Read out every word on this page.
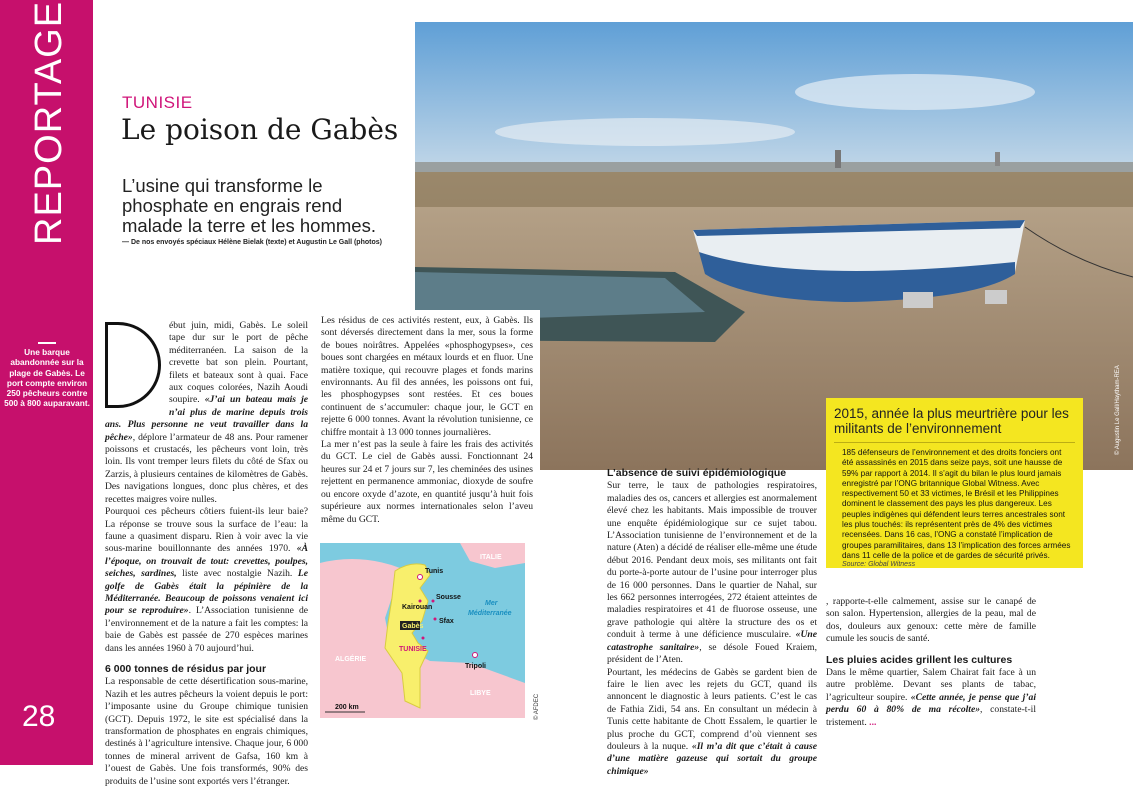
REPORTAGE
Une barque abandonnée sur la plage de Gabès. Le port compte environ 250 pêcheurs contre 500 à 800 auparavant.
28
© Augustin Le Gall/Haytham-REA
TUNISIE
Le poison de Gabès
L’usine qui transforme le phosphate en engrais rend malade la terre et les hommes.
— De nos envoyés spéciaux Hélène Bielak (texte) et Augustin Le Gall (photos)

ébut juin, midi, Gabès. Le soleil tape dur sur le port de pêche méditerranéen. La saison de la crevette bat son plein. Pourtant, filets et bateaux sont à quai. Face aux coques colorées, Nazih Aoudi soupire. «J’ai un bateau mais je n’ai plus de marine depuis trois ans. Plus personne ne veut travailler dans la pêche», déplore l’armateur de 48 ans. Pour ramener poissons et crustacés, les pêcheurs vont loin, très loin. Ils vont tremper leurs filets du côté de Sfax ou Zarzis, à plusieurs centaines de kilomètres de Gabès. Des navigations longues, donc plus chères, et des recettes maigres voire nulles.

Pourquoi ces pêcheurs côtiers fuient-ils leur baie? La réponse se trouve sous la surface de l’eau: la faune a quasiment disparu. Rien à voir avec la vie sous-marine bouillonnante des années 1970. «À l’époque, on trouvait de tout: crevettes, poulpes, seiches, sardines, liste avec nostalgie Nazih. Le golfe de Gabès était la pépinière de la Méditerranée. Beaucoup de poissons venaient ici pour se reproduire». L’Association tunisienne de l’environnement et de la nature a fait les comptes: la baie de Gabès est passée de 270 espèces marines dans les années 1960 à 70 aujourd’hui.

6 000 tonnes de résidus par jour

La responsable de cette désertification sous-marine, Nazih et les autres pêcheurs la voient depuis le port: l’imposante usine du Groupe chimique tunisien (GCT). Depuis 1972, le site est spécialisé dans la transformation de phosphates en engrais chimiques, destinés à l’agriculture intensive. Chaque jour, 6 000 tonnes de mineral arrivent de Gafsa, 160 km à l’ouest de Gabès. Une fois transformés, 90% des produits de l’usine sont exportés vers l’étranger.

Les résidus de ces activités restent, eux, à Gabès. Ils sont déversés directement dans la mer, sous la forme de boues noirâtres. Appelées «phosphogypses», ces boues sont chargées en métaux lourds et en fluor. Une matière toxique, qui recouvre plages et fonds marins environnants. Au fil des années, les poissons ont fui, les phosphogypses sont restées. Et ces boues continuent de s’accumuler: chaque jour, le GCT en rejette 6 000 tonnes. Avant la révolution tunisienne, ce chiffre montait à 13 000 tonnes journalières.

La mer n’est pas la seule à faire les frais des activités du GCT. Le ciel de Gabès aussi. Fonctionnant 24 heures sur 24 et 7 jours sur 7, les cheminées des usines rejettent en permanence ammoniac, dioxyde de soufre ou encore oxyde d’azote, en quantité jusqu’à huit fois supérieure aux normes internationales selon l’aveu même du GCT.

Tunis
Sousse
Kairouan
Sfax
Gabès
TUNISIE
ITALIE
Mer
Méditerranée
Tripoli
ALGÉRIE
LIBYE
200 km	© AFDEC
L’absence de suivi épidémiologique

Sur terre, le taux de pathologies respiratoires, maladies des os, cancers et allergies est anormalement élevé chez les habitants. Mais impossible de trouver une enquête épidémiologique sur ce sujet tabou. L’Association tunisienne de l’environnement et de la nature (Aten) a décidé de réaliser elle-même une étude début 2016. Pendant deux mois, ses militants ont fait du porte-à-porte autour de l’usine pour interroger plus de 16 000 personnes. Dans le quartier de Nahal, sur les 662 personnes interrogées, 272 étaient atteintes de maladies respiratoires et 41 de fluorose osseuse, une grave pathologie qui altère la structure des os et conduit à terme à une déficience musculaire. «Une catastrophe sanitaire», se désole Foued Kraiem, président de l’Aten.

Pourtant, les médecins de Gabès se gardent bien de faire le lien avec les rejets du GCT, quand ils annoncent le diagnostic à leurs patients. C’est le cas de Fathia Zidi, 54 ans. En consultant un médecin à Tunis cette habitante de Chott Essalem, le quartier le plus proche du GCT, comprend d’où viennent ses douleurs à la nuque. «Il m’a dit que c’était à cause d’une matière gazeuse qui sortait du groupe chimique»

2015, année la plus meurtrière pour les militants de l’environnement

185 défenseurs de l’environnement et des droits fonciers ont été assassinés en 2015 dans seize pays, soit une hausse de 59% par rapport à 2014. Il s’agit du bilan le plus lourd jamais enregistré par l’ONG britannique Global Witness. Avec respectivement 50 et 33 victimes, le Brésil et les Philippines dominent le classement des pays les plus dangereux. Les peuples indigènes qui défendent leurs terres ancestrales sont les plus touchés: ils représentent près de 4% des victimes recensées. Dans 16 cas, l’ONG a constaté l’implication de groupes paramilitaires, dans 13 l’implication des forces armées dans 11 celle de la police et de gardes de sécurité privés.

Source: Global Witness

, rapporte-t-elle calmement, assise sur le canapé de son salon. Hypertension, allergies de la peau, mal de dos, douleurs aux genoux: cette mère de famille cumule les soucis de santé.

Les pluies acides grillent les cultures

Dans le même quartier, Salem Chairat fait face à un autre problème. Devant ses plants de tabac, l’agriculteur soupire. «Cette année, je pense que j’ai perdu 60 à 80% de ma récolte», constate-t-il tristement. ...
